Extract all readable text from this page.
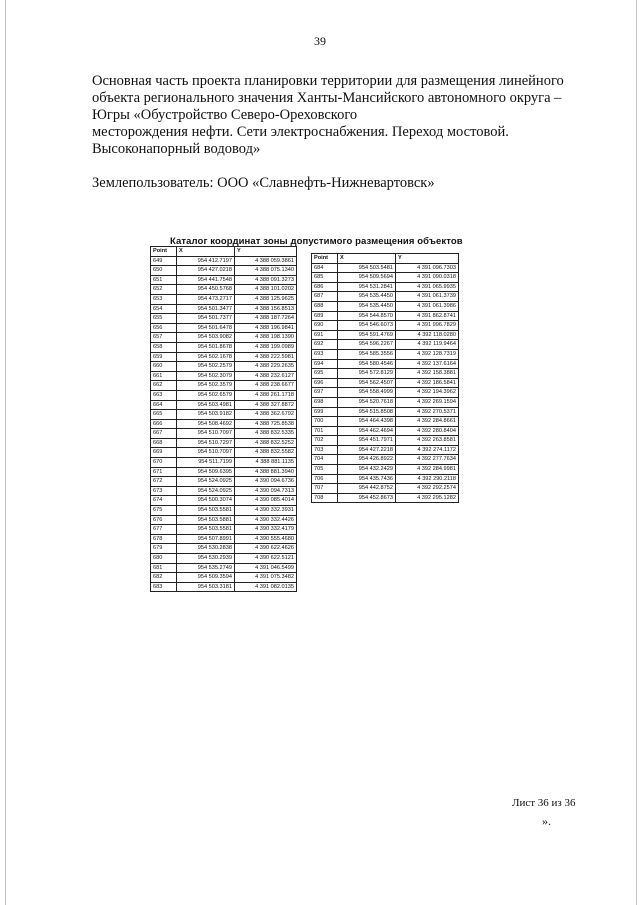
39
Основная часть проекта планировки территории для размещения линейного
объекта регионального значения Ханты-Мансийского автономного округа –
Югры «Обустройство Северо-Ореховского
месторождения нефти. Сети электроснабжения. Переход мостовой.
Высоконапорный водовод»
Землепользователь: ООО «Славнефть-Нижневартовск»
Каталог координат зоны допустимого размещения объектов
Point	X	Y
649	954 412.7197	4 388 059.3861
650	954 427.0218	4 388 075.1340
651	954 441.7548	4 388 091.3273
652	954 450.5768	4 388 101.0202
653	954 473.2717	4 388 125.9625
654	954 501.3477	4 388 156.8513
655	954 501.7377	4 388 187.7264
656	954 501.6478	4 388 196.9841
657	954 503.9082	4 388 198.1390
658	954 501.8678	4 388 199.0989
659	954 502.1678	4 388 222.5981
660	954 502.2579	4 388 229.2635
661	954 502.3079	4 388 232.6127
662	954 502.3579	4 388 238.6677
663	954 502.6579	4 388 261.1718
664	954 503.4981	4 388 327.8872
665	954 503.9182	4 388 362.6792
666	954 508.4692	4 388 725.8538
667	954 510.7097	4 388 832.5335
668	954 510.7297	4 388 832.5252
669	954 510.7097	4 388 832.5582
670	954 511.7199	4 388 881.1135
671	954 509.6395	4 388 881.3940
672	954 524.0925	4 390 094.6736
673	954 524.0925	4 390 094.7313
674	954 500.3074	4 390 085.4014
675	954 503.5581	4 390 332.3931
676	954 503.5881	4 390 332.4426
677	954 503.5581	4 390 332.4179
678	954 507.8991	4 390 555.4680
679	954 530.2838	4 390 622.4626
680	954 530.2939	4 390 622.5121
681	954 535.2749	4 391 046.5499
682	954 509.3594	4 391 075.3482
683	954 503.3181	4 391 082.0135
Point	X	Y
684	954 503.5481	4 391 096.7303
685	954 509.5694	4 391 090.0318
686	954 531.2841	4 391 065.9935
687	954 535.4450	4 391 061.3739
688	954 535.4450	4 391 061.3986
689	954 544.8570	4 391 862.8741
690	954 546.6073	4 391 996.7829
691	954 591.4769	4 392 118.0280
692	954 596.2267	4 392 119.9464
693	954 585.3556	4 392 128.7319
694	954 580.4546	4 392 137.6164
695	954 572.8129	4 392 158.3881
696	954 562.4507	4 392 186.5841
697	954 558.4999	4 392 194.3962
698	954 520.7618	4 392 269.1594
699	954 515.8508	4 392 270.5371
700	954 464.4398	4 392 284.8661
701	954 462.4694	4 392 280.8404
702	954 451.7971	4 392 263.8581
703	954 427.2218	4 392 274.1172
704	954 426.8922	4 392 277.7634
705	954 432.2429	4 392 284.9981
706	954 435.7436	4 392 290.2118
707	954 442.8752	4 392 292.2574
708	954 452.8673	4 392 295.1282
Лист 36 из 36
».
